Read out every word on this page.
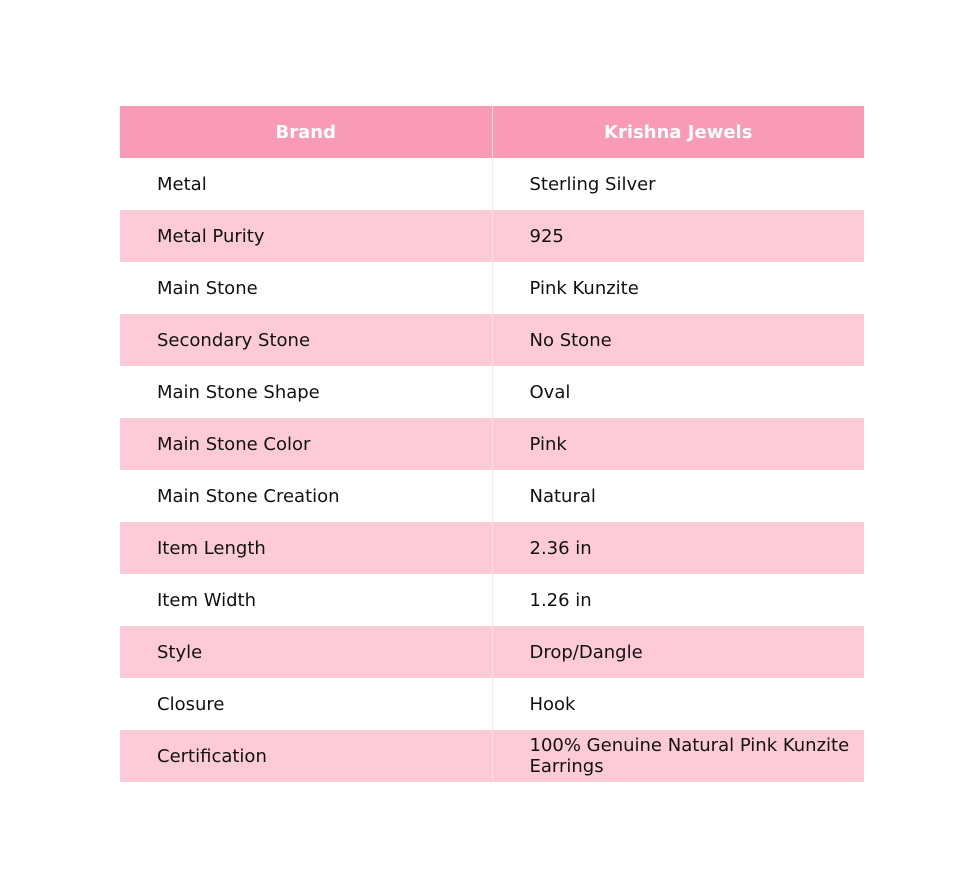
Brand	Krishna Jewels
Metal	Sterling Silver
Metal Purity	925
Main Stone	Pink Kunzite
Secondary Stone	No Stone
Main Stone Shape	Oval
Main Stone Color	Pink
Main Stone Creation	Natural
Item Length	2.36 in
Item Width	1.26 in
Style	Drop/Dangle
Closure	Hook
Certification	100% Genuine Natural Pink Kunzite Earrings
